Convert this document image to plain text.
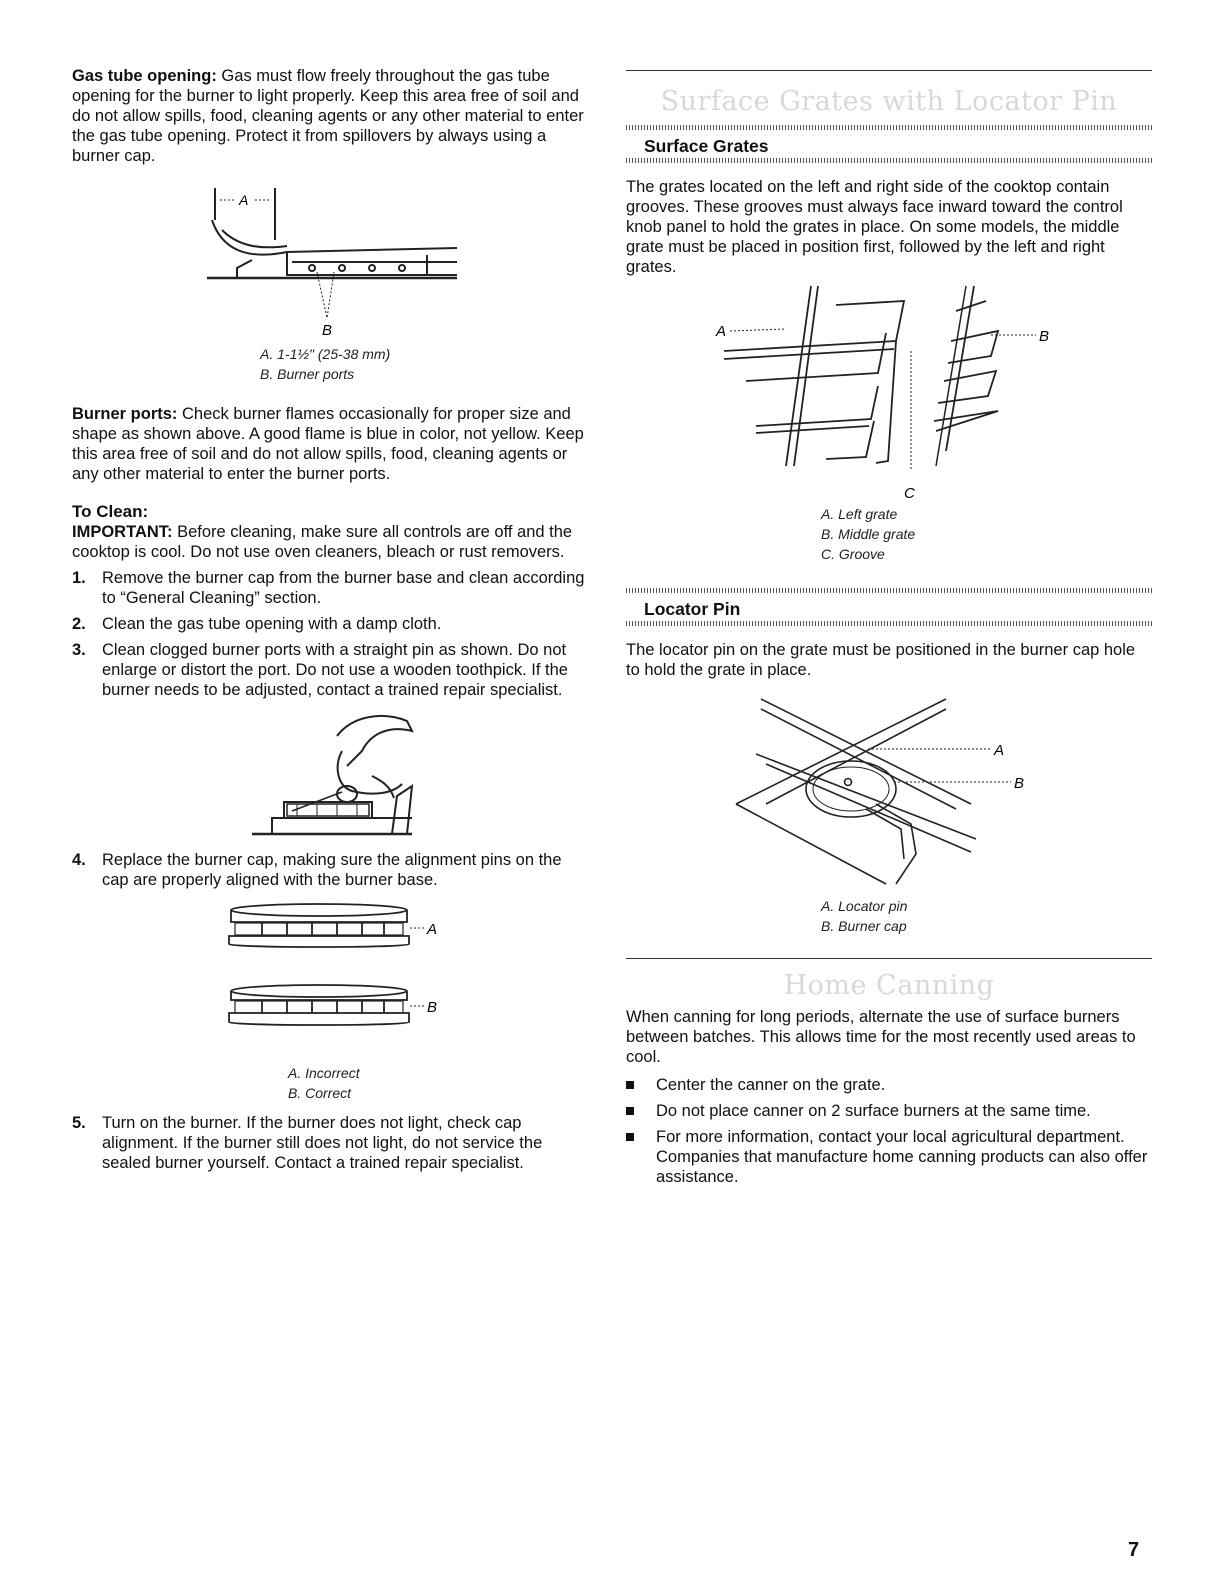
Gas tube opening: Gas must flow freely throughout the gas tube opening for the burner to light properly. Keep this area free of soil and do not allow spills, food, cleaning agents or any other material to enter the gas tube opening. Protect it from spillovers by always using a burner cap.

A
B
A. 1-1½" (25-38 mm)
B. Burner ports

Burner ports: Check burner flames occasionally for proper size and shape as shown above. A good flame is blue in color, not yellow. Keep this area free of soil and do not allow spills, food, cleaning agents or any other material to enter the burner ports.

To Clean:

IMPORTANT: Before cleaning, make sure all controls are off and the cooktop is cool. Do not use oven cleaners, bleach or rust removers.

1. Remove the burner cap from the burner base and clean according to “General Cleaning” section.
2. Clean the gas tube opening with a damp cloth.
3. Clean clogged burner ports with a straight pin as shown. Do not enlarge or distort the port. Do not use a wooden toothpick. If the burner needs to be adjusted, contact a trained repair specialist.
4. Replace the burner cap, making sure the alignment pins on the cap are properly aligned with the burner base.
A
B
A. Incorrect
B. Correct
5. Turn on the burner. If the burner does not light, check cap alignment. If the burner still does not light, do not service the sealed burner yourself. Contact a trained repair specialist.
Surface Grates with Locator Pin
Surface Grates

The grates located on the left and right side of the cooktop contain grooves. These grooves must always face inward toward the control knob panel to hold the grates in place. On some models, the middle grate must be placed in position first, followed by the left and right grates.

A	B
C
A. Left grate
B. Middle grate
C. Groove
Locator Pin

The locator pin on the grate must be positioned in the burner cap hole to hold the grate in place.

A
B
A. Locator pin
B. Burner cap
Home Canning

When canning for long periods, alternate the use of surface burners between batches. This allows time for the most recently used areas to cool.

Center the canner on the grate.
Do not place canner on 2 surface burners at the same time.
For more information, contact your local agricultural department. Companies that manufacture home canning products can also offer assistance.
7
